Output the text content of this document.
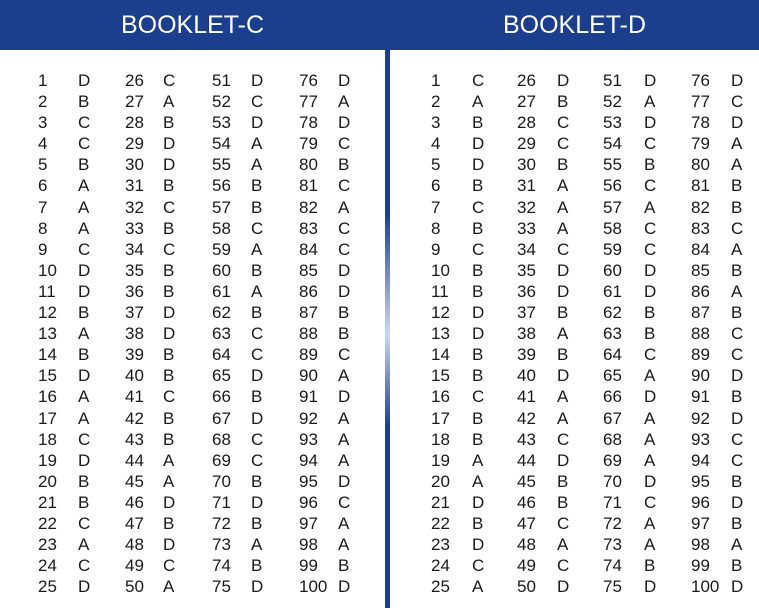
BOOKLET-C
1 D 26 C 51 D 76 D
2 B 27 A 52 C 77 A
3 C 28 B 53 D 78 D
4 C 29 D 54 A 79 C
5 B 30 D 55 A 80 B
6 A 31 B 56 B 81 C
7 A 32 C 57 B 82 A
8 A 33 B 58 C 83 C
9 C 34 C 59 A 84 C
10 D 35 B 60 B 85 D
11 D 36 B 61 A 86 D
12 B 37 D 62 B 87 B
13 A 38 D 63 C 88 B
14 B 39 B 64 C 89 C
15 D 40 B 65 D 90 A
16 A 41 C 66 B 91 D
17 A 42 B 67 D 92 A
18 C 43 B 68 C 93 A
19 D 44 A 69 C 94 A
20 B 45 A 70 B 95 D
21 B 46 D 71 D 96 C
22 C 47 B 72 B 97 A
23 A 48 D 73 A 98 A
24 C 49 C 74 B 99 B
25 D 50 A 75 D 100 D
BOOKLET-D
1 C 26 D 51 D 76 D
2 A 27 B 52 A 77 C
3 B 28 C 53 D 78 D
4 D 29 C 54 C 79 A
5 D 30 B 55 B 80 A
6 B 31 A 56 C 81 B
7 C 32 A 57 A 82 B
8 B 33 A 58 C 83 C
9 C 34 C 59 C 84 A
10 B 35 D 60 D 85 B
11 B 36 D 61 D 86 A
12 D 37 B 62 B 87 B
13 D 38 A 63 B 88 C
14 B 39 B 64 C 89 C
15 B 40 D 65 A 90 D
16 C 41 A 66 D 91 B
17 B 42 A 67 A 92 D
18 B 43 C 68 A 93 C
19 A 44 D 69 A 94 C
20 A 45 B 70 D 95 B
21 D 46 B 71 C 96 D
22 B 47 C 72 A 97 B
23 D 48 A 73 A 98 A
24 C 49 C 74 B 99 B
25 A 50 D 75 D 100 D
